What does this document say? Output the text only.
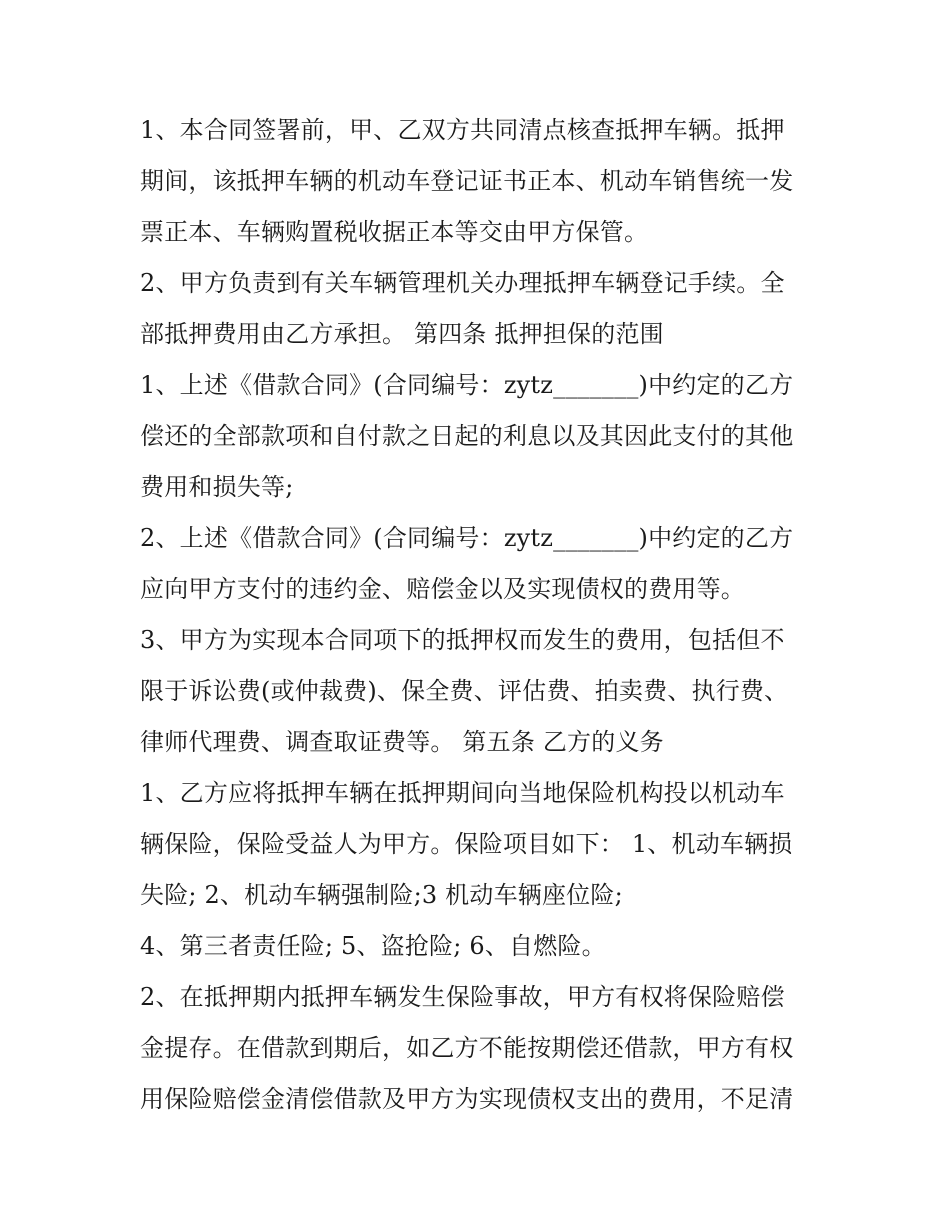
1、本合同签署前，甲、乙双方共同清点核查抵押车辆。抵押
期间，该抵押车辆的机动车登记证书正本、机动车销售统一发
票正本、车辆购置税收据正本等交由甲方保管。
2、甲方负责到有关车辆管理机关办理抵押车辆登记手续。全
部抵押费用由乙方承担。 第四条 抵押担保的范围
1、上述《借款合同》(合同编号：zytz_______)中约定的乙方
偿还的全部款项和自付款之日起的利息以及其因此支付的其他
费用和损失等;
2、上述《借款合同》(合同编号：zytz_______)中约定的乙方
应向甲方支付的违约金、赔偿金以及实现债权的费用等。
3、甲方为实现本合同项下的抵押权而发生的费用，包括但不
限于诉讼费(或仲裁费)、保全费、评估费、拍卖费、执行费、
律师代理费、调查取证费等。 第五条 乙方的义务
1、乙方应将抵押车辆在抵押期间向当地保险机构投以机动车
辆保险，保险受益人为甲方。保险项目如下： 1、机动车辆损
失险; 2、机动车辆强制险;3 机动车辆座位险;
4、第三者责任险; 5、盗抢险; 6、自燃险。
2、在抵押期内抵押车辆发生保险事故，甲方有权将保险赔偿
金提存。在借款到期后，如乙方不能按期偿还借款，甲方有权
用保险赔偿金清偿借款及甲方为实现债权支出的费用，不足清
